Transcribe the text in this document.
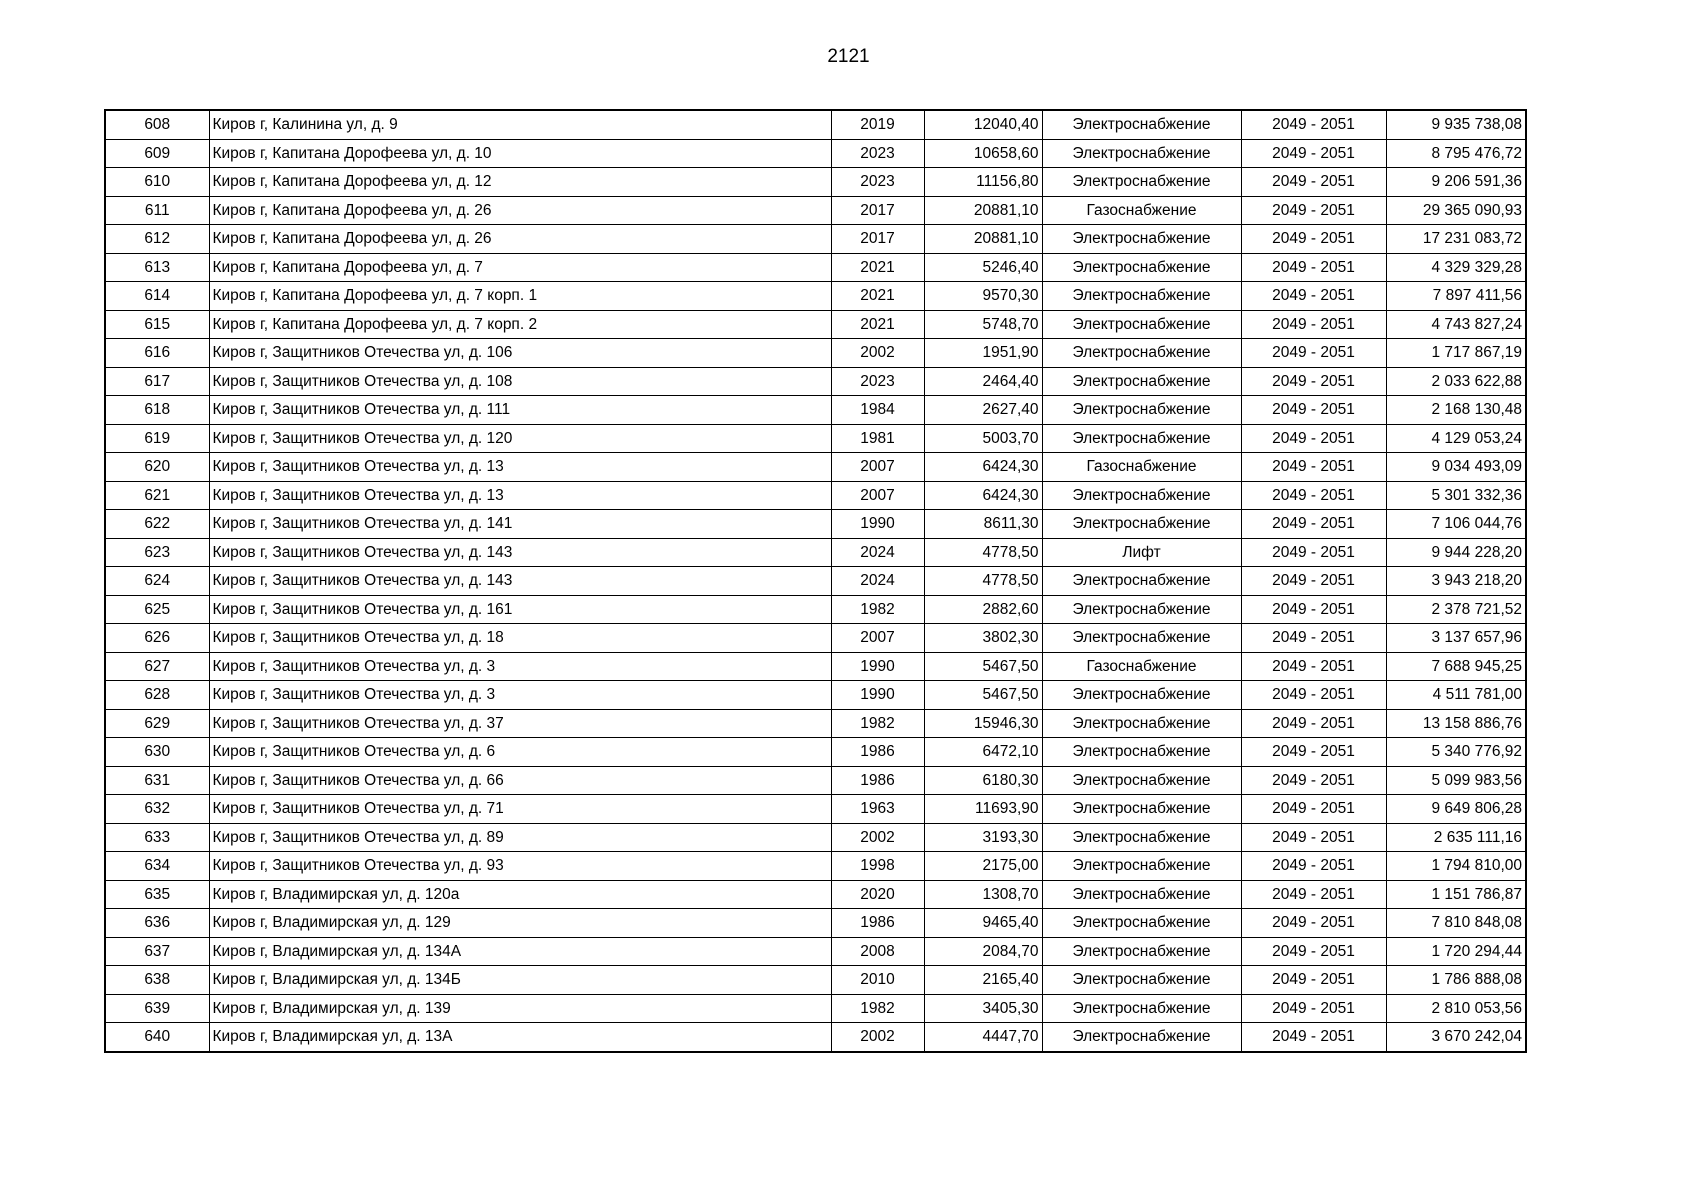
2121
608	Киров г, Калинина ул, д. 9	2019	12040,40	Электроснабжение	2049 - 2051	9 935 738,08
609	Киров г, Капитана Дорофеева ул, д. 10	2023	10658,60	Электроснабжение	2049 - 2051	8 795 476,72
610	Киров г, Капитана Дорофеева ул, д. 12	2023	11156,80	Электроснабжение	2049 - 2051	9 206 591,36
611	Киров г, Капитана Дорофеева ул, д. 26	2017	20881,10	Газоснабжение	2049 - 2051	29 365 090,93
612	Киров г, Капитана Дорофеева ул, д. 26	2017	20881,10	Электроснабжение	2049 - 2051	17 231 083,72
613	Киров г, Капитана Дорофеева ул, д. 7	2021	5246,40	Электроснабжение	2049 - 2051	4 329 329,28
614	Киров г, Капитана Дорофеева ул, д. 7 корп. 1	2021	9570,30	Электроснабжение	2049 - 2051	7 897 411,56
615	Киров г, Капитана Дорофеева ул, д. 7 корп. 2	2021	5748,70	Электроснабжение	2049 - 2051	4 743 827,24
616	Киров г, Защитников Отечества ул, д. 106	2002	1951,90	Электроснабжение	2049 - 2051	1 717 867,19
617	Киров г, Защитников Отечества ул, д. 108	2023	2464,40	Электроснабжение	2049 - 2051	2 033 622,88
618	Киров г, Защитников Отечества ул, д. 111	1984	2627,40	Электроснабжение	2049 - 2051	2 168 130,48
619	Киров г, Защитников Отечества ул, д. 120	1981	5003,70	Электроснабжение	2049 - 2051	4 129 053,24
620	Киров г, Защитников Отечества ул, д. 13	2007	6424,30	Газоснабжение	2049 - 2051	9 034 493,09
621	Киров г, Защитников Отечества ул, д. 13	2007	6424,30	Электроснабжение	2049 - 2051	5 301 332,36
622	Киров г, Защитников Отечества ул, д. 141	1990	8611,30	Электроснабжение	2049 - 2051	7 106 044,76
623	Киров г, Защитников Отечества ул, д. 143	2024	4778,50	Лифт	2049 - 2051	9 944 228,20
624	Киров г, Защитников Отечества ул, д. 143	2024	4778,50	Электроснабжение	2049 - 2051	3 943 218,20
625	Киров г, Защитников Отечества ул, д. 161	1982	2882,60	Электроснабжение	2049 - 2051	2 378 721,52
626	Киров г, Защитников Отечества ул, д. 18	2007	3802,30	Электроснабжение	2049 - 2051	3 137 657,96
627	Киров г, Защитников Отечества ул, д. 3	1990	5467,50	Газоснабжение	2049 - 2051	7 688 945,25
628	Киров г, Защитников Отечества ул, д. 3	1990	5467,50	Электроснабжение	2049 - 2051	4 511 781,00
629	Киров г, Защитников Отечества ул, д. 37	1982	15946,30	Электроснабжение	2049 - 2051	13 158 886,76
630	Киров г, Защитников Отечества ул, д. 6	1986	6472,10	Электроснабжение	2049 - 2051	5 340 776,92
631	Киров г, Защитников Отечества ул, д. 66	1986	6180,30	Электроснабжение	2049 - 2051	5 099 983,56
632	Киров г, Защитников Отечества ул, д. 71	1963	11693,90	Электроснабжение	2049 - 2051	9 649 806,28
633	Киров г, Защитников Отечества ул, д. 89	2002	3193,30	Электроснабжение	2049 - 2051	2 635 111,16
634	Киров г, Защитников Отечества ул, д. 93	1998	2175,00	Электроснабжение	2049 - 2051	1 794 810,00
635	Киров г, Владимирская ул, д. 120а	2020	1308,70	Электроснабжение	2049 - 2051	1 151 786,87
636	Киров г, Владимирская ул, д. 129	1986	9465,40	Электроснабжение	2049 - 2051	7 810 848,08
637	Киров г, Владимирская ул, д. 134А	2008	2084,70	Электроснабжение	2049 - 2051	1 720 294,44
638	Киров г, Владимирская ул, д. 134Б	2010	2165,40	Электроснабжение	2049 - 2051	1 786 888,08
639	Киров г, Владимирская ул, д. 139	1982	3405,30	Электроснабжение	2049 - 2051	2 810 053,56
640	Киров г, Владимирская ул, д. 13А	2002	4447,70	Электроснабжение	2049 - 2051	3 670 242,04
